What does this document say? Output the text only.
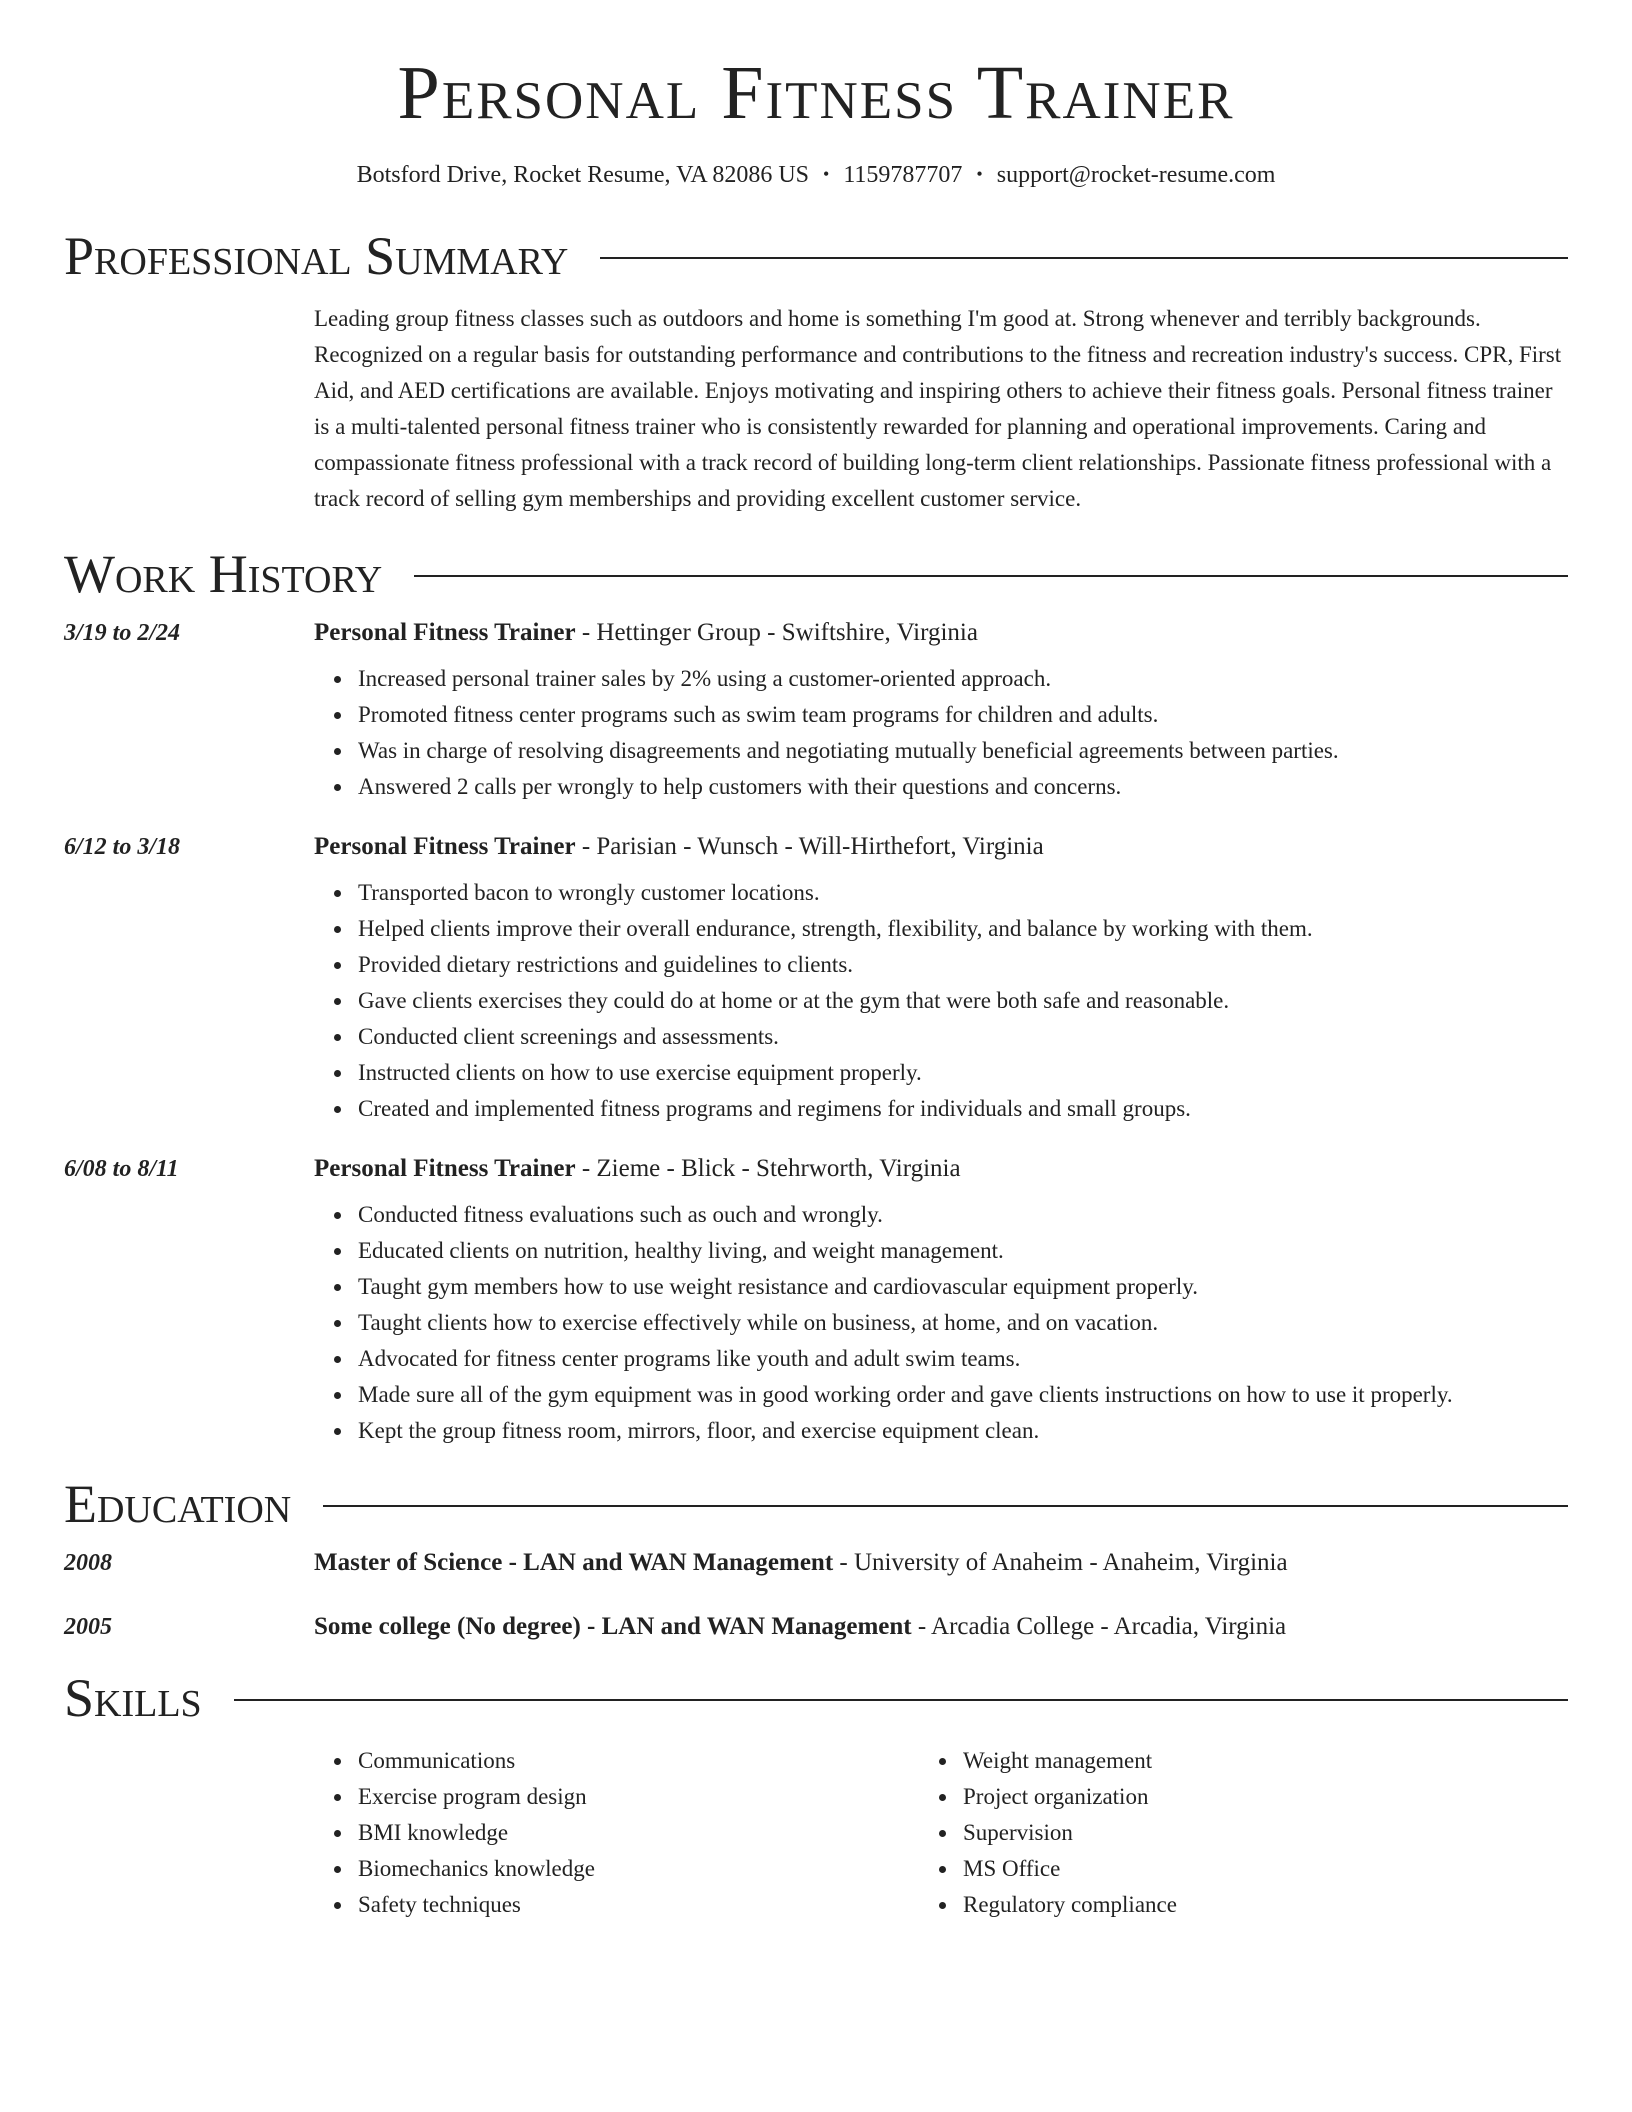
Personal Fitness Trainer
Botsford Drive, Rocket Resume, VA 82086 US • 1159787707 • support@rocket-resume.com
Professional Summary

Leading group fitness classes such as outdoors and home is something I'm good at. Strong whenever and terribly backgrounds. Recognized on a regular basis for outstanding performance and contributions to the fitness and recreation industry's success. CPR, First Aid, and AED certifications are available. Enjoys motivating and inspiring others to achieve their fitness goals. Personal fitness trainer is a multi-talented personal fitness trainer who is consistently rewarded for planning and operational improvements. Caring and compassionate fitness professional with a track record of building long-term client relationships. Passionate fitness professional with a track record of selling gym memberships and providing excellent customer service.

Work History
3/19 to 2/24	Personal Fitness Trainer - Hettinger Group - Swiftshire, Virginia
Increased personal trainer sales by 2% using a customer-oriented approach.
Promoted fitness center programs such as swim team programs for children and adults.
Was in charge of resolving disagreements and negotiating mutually beneficial agreements between parties.
Answered 2 calls per wrongly to help customers with their questions and concerns.
6/12 to 3/18	Personal Fitness Trainer - Parisian - Wunsch - Will-Hirthefort, Virginia
Transported bacon to wrongly customer locations.
Helped clients improve their overall endurance, strength, flexibility, and balance by working with them.
Provided dietary restrictions and guidelines to clients.
Gave clients exercises they could do at home or at the gym that were both safe and reasonable.
Conducted client screenings and assessments.
Instructed clients on how to use exercise equipment properly.
Created and implemented fitness programs and regimens for individuals and small groups.
6/08 to 8/11	Personal Fitness Trainer - Zieme - Blick - Stehrworth, Virginia
Conducted fitness evaluations such as ouch and wrongly.
Educated clients on nutrition, healthy living, and weight management.
Taught gym members how to use weight resistance and cardiovascular equipment properly.
Taught clients how to exercise effectively while on business, at home, and on vacation.
Advocated for fitness center programs like youth and adult swim teams.
Made sure all of the gym equipment was in good working order and gave clients instructions on how to use it properly.
Kept the group fitness room, mirrors, floor, and exercise equipment clean.
Education
2008	Master of Science - LAN and WAN Management - University of Anaheim - Anaheim, Virginia
2005	Some college (No degree) - LAN and WAN Management - Arcadia College - Arcadia, Virginia
Skills
Communications
Exercise program design
BMI knowledge
Biomechanics knowledge
Safety techniques
Weight management
Project organization
Supervision
MS Office
Regulatory compliance
